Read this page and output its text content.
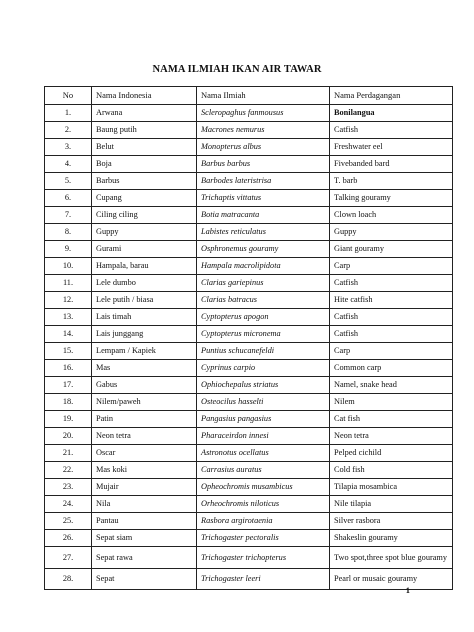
NAMA ILMIAH IKAN AIR TAWAR
No	Nama Indonesia	Nama Ilmiah	Nama Perdagangan
1.	Arwana	Scleropaghus fanmousus	Bonilangua
2.	Baung putih	Macrones nemurus	Catfish
3.	Belut	Monopterus albus	Freshwater eel
4.	Boja	Barbus barbus	Fivebanded bard
5.	Barbus	Barbodes lateristrisa	T. barb
6.	Cupang	Trichaptis vittatus	Talking gouramy
7.	Ciling ciling	Botia matracanta	Clown loach
8.	Guppy	Labistes reticulatus	Guppy
9.	Gurami	Osphronemus gouramy	Giant gouramy
10.	Hampala, barau	Hampala macrolipidota	Carp
11.	Lele dumbo	Clarias gariepinus	Catfish
12.	Lele putih / biasa	Clarias batracus	Hite catfish
13.	Lais timah	Cyptopterus apogon	Catfish
14.	Lais junggang	Cyptopterus micronema	Catfish
15.	Lempam / Kapiek	Puntius schucanefeldi	Carp
16.	Mas	Cyprinus carpio	Common carp
17.	Gabus	Ophiochepalus striatus	Namel, snake head
18.	Nilem/paweh	Osteocilus hasselti	Nilem
19.	Patin	Pangasius pangasius	Cat fish
20.	Neon tetra	Pharaceirdon innesi	Neon tetra
21.	Oscar	Astronotus ocellatus	Pelped cichild
22.	Mas koki	Carrasius auratus	Cold fish
23.	Mujair	Opheochromis musambicus	Tilapia mosambica
24.	Nila	Orheochromis niloticus	Nile tilapia
25.	Pantau	Rasbora argirotaenia	Silver rasbora
26.	Sepat siam	Trichogaster pectoralis	Shakeslin gouramy
27.	Sepat rawa	Trichogaster trichopterus	Two spot,three spot blue gouramy
28.	Sepat	Trichogaster leeri	Pearl or musaic gouramy
1
